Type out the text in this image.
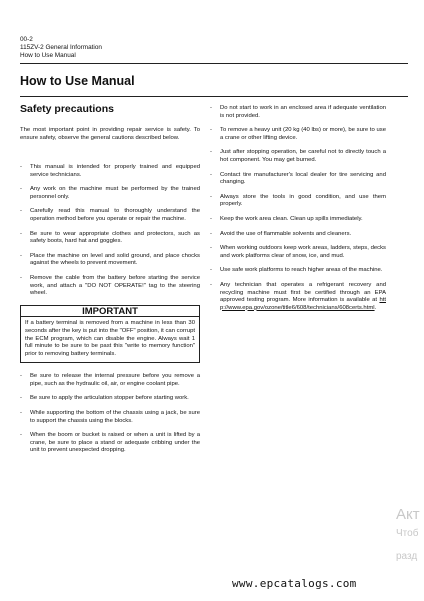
00-2
115ZV-2 General Information
How to Use Manual
How to Use Manual
Safety precautions
The most important point in providing repair service is safety. To ensure safety, observe the general cautions described below.
-	This manual is intended for properly trained and equipped service technicians.
-	Any work on the machine must be performed by the trained personnel only.
-	Carefully read this manual to thoroughly understand the operation method before you operate or repair the machine.
-	Be sure to wear appropriate clothes and protectors, such as safety boots, hard hat and goggles.
-	Place the machine on level and solid ground, and place chocks against the wheels to prevent movement.
-	Remove the cable from the battery before starting the service work, and attach a "DO NOT OPERATE!" tag to the steering wheel.
IMPORTANT
If a battery terminal is removed from a machine in less than 30 seconds after the key is put into the "OFF" position, it can corrupt the ECM program, which can disable the engine. Always wait 1 full minute to be sure to be past this "write to memory function" prior to removing battery terminals.
-	Be sure to release the internal pressure before you remove a pipe, such as the hydraulic oil, air, or engine coolant pipe.
-	Be sure to apply the articulation stopper before starting work.
-	While supporting the bottom of the chassis using a jack, be sure to support the chassis using the blocks.
-	When the boom or bucket is raised or when a unit is lifted by a crane, be sure to place a stand or adequate cribbing under the unit to prevent unexpected dropping.
-	Do not start to work in an enclosed area if adequate ventilation is not provided.
-	To remove a heavy unit (20 kg (40 lbs) or more), be sure to use a crane or other lifting device.
-	Just after stopping operation, be careful not to directly touch a hot component. You may get burned.
-	Contact tire manufacturer's local dealer for tire servicing and changing.
-	Always store the tools in good condition, and use them properly.
-	Keep the work area clean. Clean up spills immediately.
-	Avoid the use of flammable solvents and cleaners.
-	When working outdoors keep work areas, ladders, steps, decks and work platforms clear of snow, ice, and mud.
-	Use safe work platforms to reach higher areas of the machine.
-	Any technician that operates a refrigerant recovery and recycling machine must first be certified through an EPA approved testing program. More information is available at http://www.epa.gov/ozone/title6/608/technicians/608certs.html.
Акт
Чтоб
разд
www.epcatalogs.com
